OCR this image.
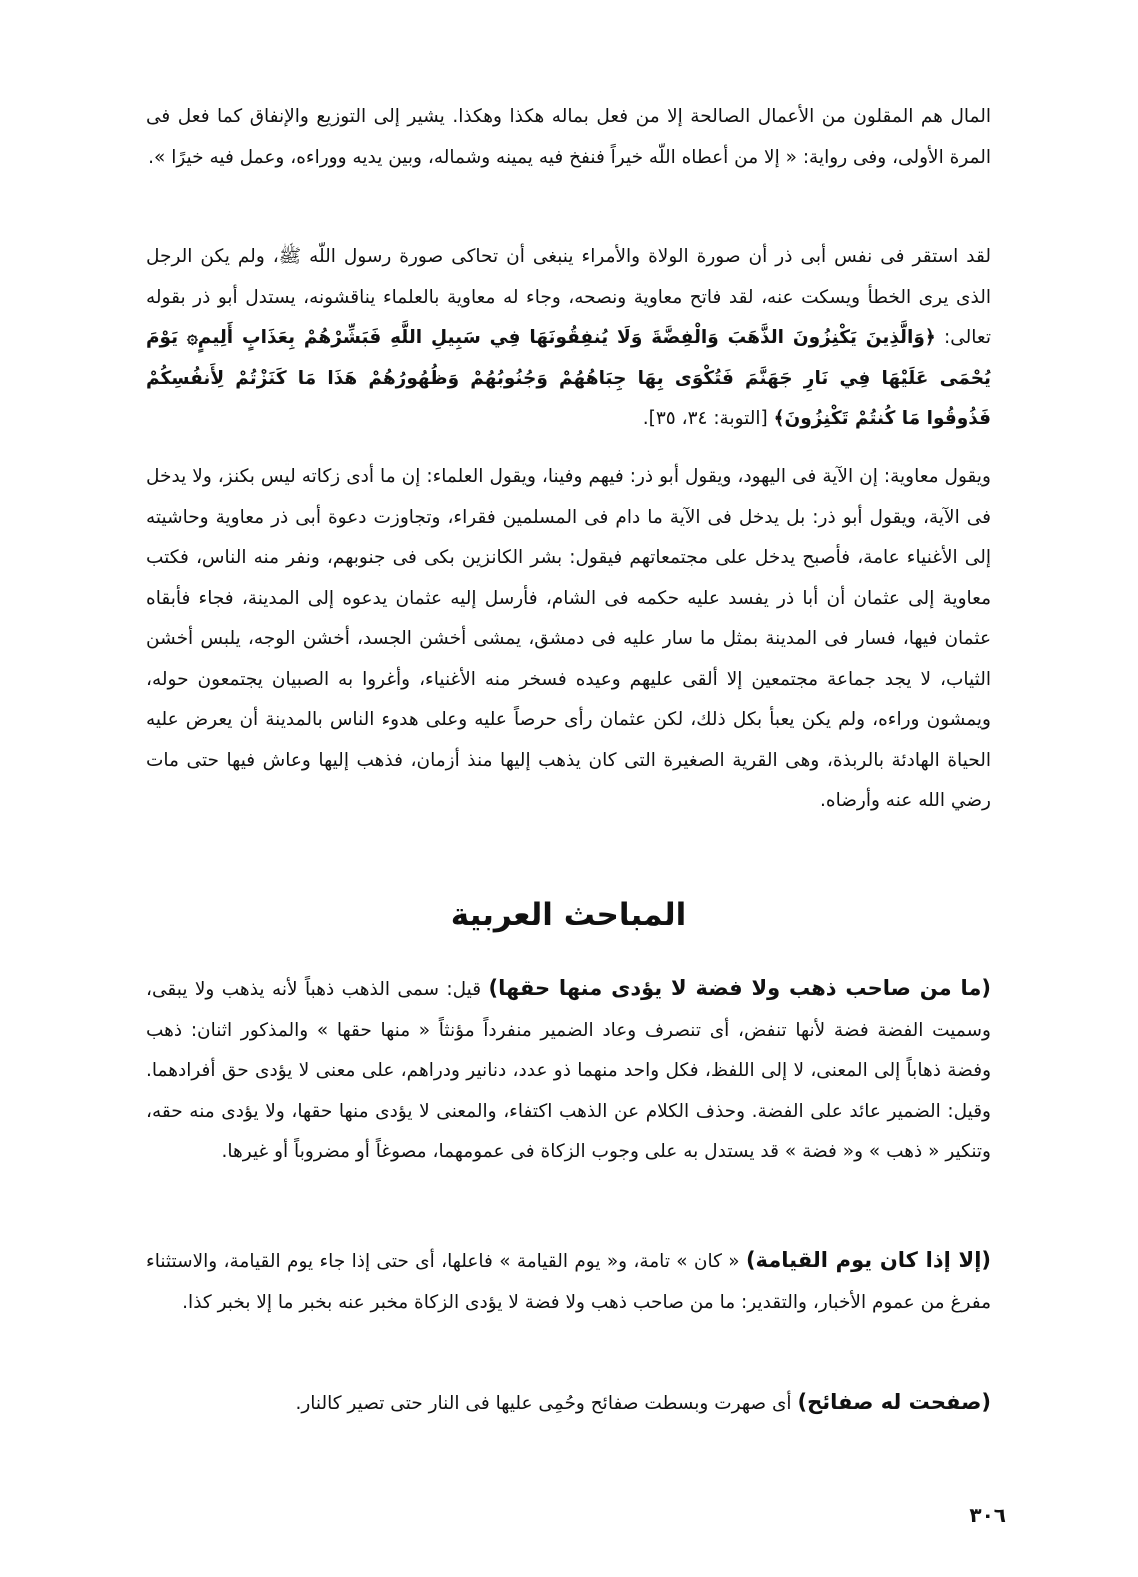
المال هم المقلون من الأعمال الصالحة إلا من فعل بماله هكذا وهكذا. يشير إلى التوزيع والإنفاق كما فعل فى المرة الأولى، وفى رواية: « إلا من أعطاه اللّه خيراً فنفخ فيه يمينه وشماله، وبين يديه ووراءه، وعمل فيه خيرًا ».

لقد استقر فى نفس أبى ذر أن صورة الولاة والأمراء ينبغى أن تحاكى صورة رسول اللّه ﷺ، ولم يكن الرجل الذى يرى الخطأ ويسكت عنه، لقد فاتح معاوية ونصحه، وجاء له معاوية بالعلماء يناقشونه، يستدل أبو ذر بقوله تعالى: ﴿وَالَّذِينَ يَكْنِزُونَ الذَّهَبَ وَالْفِضَّةَ وَلَا يُنفِقُونَهَا فِي سَبِيلِ اللَّهِ فَبَشِّرْهُمْ بِعَذَابٍ أَلِيمٍ۞ يَوْمَ يُحْمَى عَلَيْهَا فِي نَارِ جَهَنَّمَ فَتُكْوَى بِهَا جِبَاهُهُمْ وَجُنُوبُهُمْ وَظُهُورُهُمْ هَذَا مَا كَنَزْتُمْ لِأَنفُسِكُمْ فَذُوقُوا مَا كُنتُمْ تَكْنِزُونَ﴾ [التوبة: ٣٤، ٣٥].

ويقول معاوية: إن الآية فى اليهود، ويقول أبو ذر: فيهم وفينا، ويقول العلماء: إن ما أدى زكاته ليس بكنز، ولا يدخل فى الآية، ويقول أبو ذر: بل يدخل فى الآية ما دام فى المسلمين فقراء، وتجاوزت دعوة أبى ذر معاوية وحاشيته إلى الأغنياء عامة، فأصبح يدخل على مجتمعاتهم فيقول: بشر الكانزين بكى فى جنوبهم، ونفر منه الناس، فكتب معاوية إلى عثمان أن أبا ذر يفسد عليه حكمه فى الشام، فأرسل إليه عثمان يدعوه إلى المدينة، فجاء فأبقاه عثمان فيها، فسار فى المدينة بمثل ما سار عليه فى دمشق، يمشى أخشن الجسد، أخشن الوجه، يلبس أخشن الثياب، لا يجد جماعة مجتمعين إلا ألقى عليهم وعيده فسخر منه الأغنياء، وأغروا به الصبيان يجتمعون حوله، ويمشون وراءه، ولم يكن يعبأ بكل ذلك، لكن عثمان رأى حرصاً عليه وعلى هدوء الناس بالمدينة أن يعرض عليه الحياة الهادئة بالربذة، وهى القرية الصغيرة التى كان يذهب إليها منذ أزمان، فذهب إليها وعاش فيها حتى مات رضي الله عنه وأرضاه.

المباحث العربية

(ما من صاحب ذهب ولا فضة لا يؤدى منها حقها) قيل: سمى الذهب ذهباً لأنه يذهب ولا يبقى، وسميت الفضة فضة لأنها تنفض، أى تنصرف وعاد الضمير منفرداً مؤنثاً « منها حقها » والمذكور اثنان: ذهب وفضة ذهاباً إلى المعنى، لا إلى اللفظ، فكل واحد منهما ذو عدد، دنانير ودراهم، على معنى لا يؤدى حق أفرادهما. وقيل: الضمير عائد على الفضة. وحذف الكلام عن الذهب اكتفاء، والمعنى لا يؤدى منها حقها، ولا يؤدى منه حقه، وتنكير « ذهب » و« فضة » قد يستدل به على وجوب الزكاة فى عمومهما، مصوغاً أو مضروباً أو غيرها.

(إلا إذا كان يوم القيامة) « كان » تامة، و« يوم القيامة » فاعلها، أى حتى إذا جاء يوم القيامة، والاستثناء مفرغ من عموم الأخبار، والتقدير: ما من صاحب ذهب ولا فضة لا يؤدى الزكاة مخبر عنه بخبر ما إلا بخبر كذا.

(صفحت له صفائح) أى صهرت وبسطت صفائح وحُمِى عليها فى النار حتى تصير كالنار.

٣٠٦
